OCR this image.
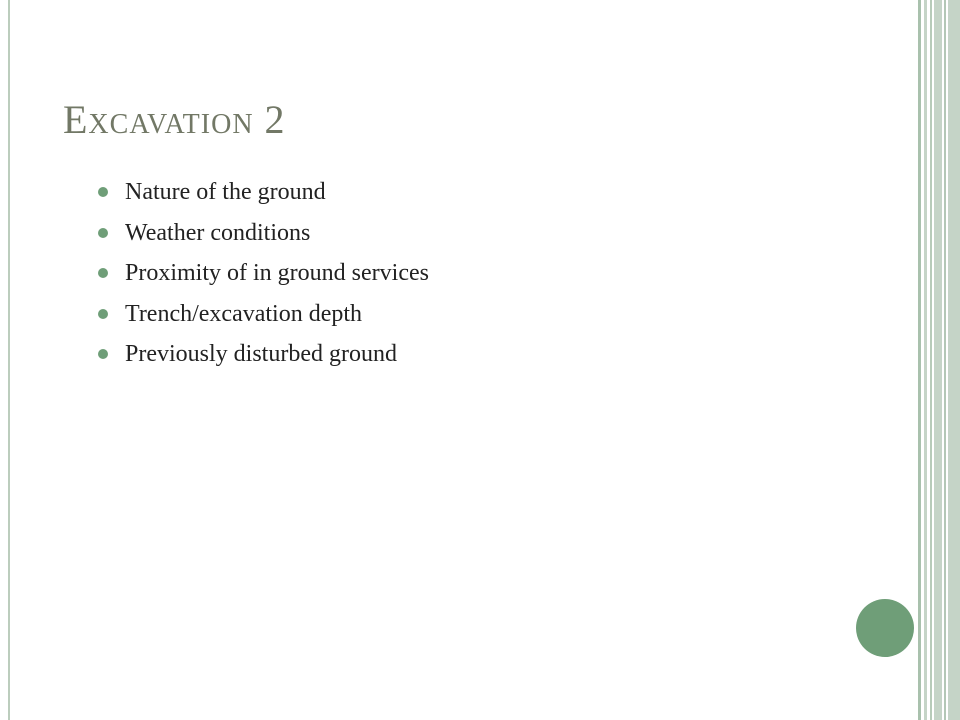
Excavation 2
Nature of the ground
Weather conditions
Proximity of in ground services
Trench/excavation depth
Previously disturbed ground
